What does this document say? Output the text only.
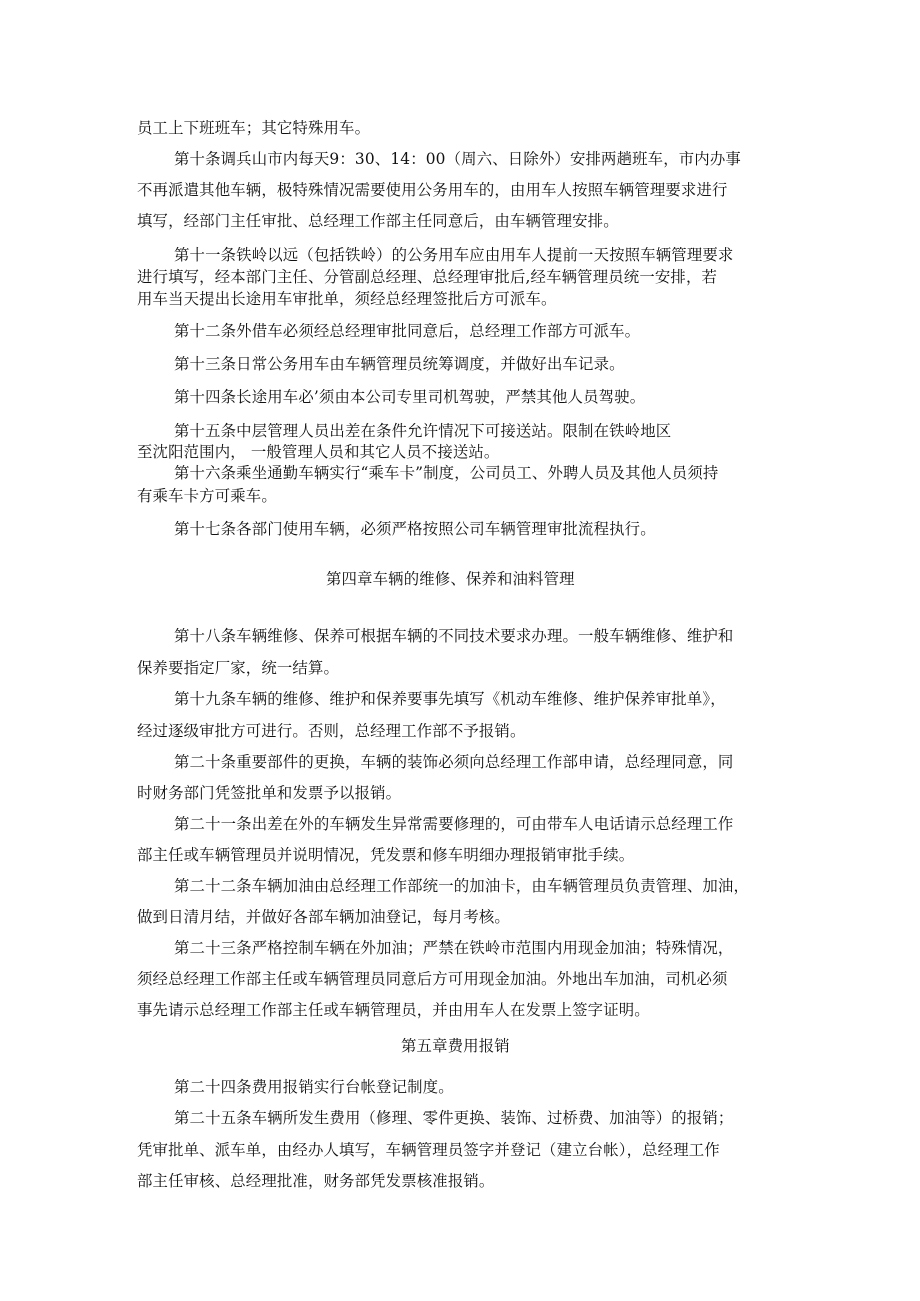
员工上下班班车；其它特殊用车。
第十条调兵山市内每天9：30、14：00（周六、日除外）安排两趟班车，市内办事
不再派遣其他车辆，极特殊情况需要使用公务用车的，由用车人按照车辆管理要求进行
填写，经部门主任审批、总经理工作部主任同意后，由车辆管理安排。
第十一条铁岭以远（包括铁岭）的公务用车应由用车人提前一天按照车辆管理要求
进行填写，经本部门主任、分管副总经理、总经理审批后,经车辆管理员统一安排，若
用车当天提出长途用车审批单，须经总经理签批后方可派车。
第十二条外借车必须经总经理审批同意后，总经理工作部方可派车。
第十三条日常公务用车由车辆管理员统筹调度，并做好出车记录。
第十四条长途用车必’须由本公司专里司机驾驶，严禁其他人员驾驶。
第十五条中层管理人员出差在条件允许情况下可接送站。限制在铁岭地区
至沈阳范围内， 一般管理人员和其它人员不接送站。
第十六条乘坐通勤车辆实行“乘车卡”制度，公司员工、外聘人员及其他人员须持
有乘车卡方可乘车。
第十七条各部门使用车辆，必须严格按照公司车辆管理审批流程执行。
第四章车辆的维修、保养和油料管理
第十八条车辆维修、保养可根据车辆的不同技术要求办理。一般车辆维修、维护和
保养要指定厂家，统一结算。
第十九条车辆的维修、维护和保养要事先填写《机动车维修、维护保养审批单》，
经过逐级审批方可进行。否则，总经理工作部不予报销。
第二十条重要部件的更换，车辆的装饰必须向总经理工作部申请，总经理同意，同
时财务部门凭签批单和发票予以报销。
第二十一条出差在外的车辆发生异常需要修理的，可由带车人电话请示总经理工作
部主任或车辆管理员并说明情况，凭发票和修车明细办理报销审批手续。
第二十二条车辆加油由总经理工作部统一的加油卡，由车辆管理员负责管理、加油，
做到日清月结，并做好各部车辆加油登记，每月考核。
第二十三条严格控制车辆在外加油；严禁在铁岭市范围内用现金加油；特殊情况，
须经总经理工作部主任或车辆管理员同意后方可用现金加油。外地出车加油，司机必须
事先请示总经理工作部主任或车辆管理员，并由用车人在发票上签字证明。
第五章费用报销
第二十四条费用报销实行台帐登记制度。
第二十五条车辆所发生费用（修理、零件更换、装饰、过桥费、加油等）的报销；
凭审批单、派车单，由经办人填写，车辆管理员签字并登记（建立台帐），总经理工作
部主任审核、总经理批准，财务部凭发票核准报销。
